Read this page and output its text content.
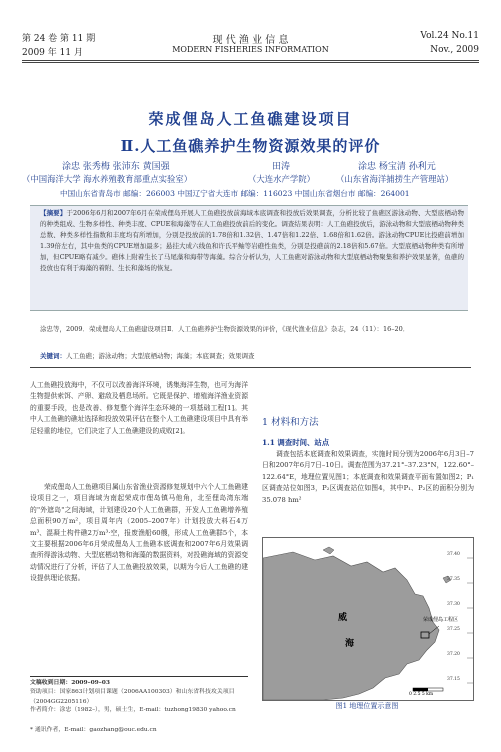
第 24 卷 第 11 期
2009 年 11 月
现 代 渔 业 信 息
MODERN FISHERIES INFORMATION
Vol.24 No.11
Nov., 2009
荣成俚岛人工鱼礁建设项目
Ⅱ.人工鱼礁养护生物资源效果的评价
涂忠 张秀梅 张沛东 黄国强	田涛	涂忠 杨宝清 孙利元
（中国海洋大学 海水养殖教育部重点实验室）	（大连水产学院）	（山东省海洋捕捞生产管理站）
中国山东省青岛市 邮编：266003 中国辽宁省大连市 邮编：116023 中国山东省烟台市 邮编：264001
【摘要】于2006年6月和2007年6月在荣成俚岛开展人工鱼礁投放前海域本底调查和投放后效果调查，分析比较了鱼礁区游泳动物、大型底栖动物的种类组成、生物多样性、种类丰度、CPUE和海藻等在人工鱼礁投放前后的变化。调查结果表明：人工鱼礁投放后，游泳动物和大型底栖动物种类总数、种类多样性指数和丰度均有所增加，分别是投放前的1.78倍和1.32倍、1.47倍和1.22倍、1.68倍和1.62倍。游泳动物CPUE比投礁前增加1.39倍左右，其中鱼类的CPUE增加最多；悬挂大成六线鱼和许氏平鲉等岩礁性鱼类，分别是投礁前的2.18倍和5.67倍。大型底栖动物种类有所增加，但CPUE略有减少。礁体上附着生长了马尾藻和海带等海藻。综合分析认为，人工鱼礁对游泳动物和大型底栖动物聚集和养护效果显著，鱼礁的投放也有利于海藻的着附、生长和藻场的恢复。
涂忠等，2009．荣成俚岛人工鱼礁建设项目Ⅱ．人工鱼礁养护生物资源效果的评价，《现代渔业信息》杂志，24（11）：16–20．
关键词：人工鱼礁；游泳动物；大型底栖动物；海藻；本底调查；效果调查
人工鱼礁投放海中，不仅可以改善海洋环境，诱集海洋生物，也可为海洋生物提供索饵、产卵、避敌及栖息场所。它既是保护、增殖海洋渔业资源的重要手段，也是改善、修复整个海洋生态环境的一项基础工程[1]。其中人工鱼礁的礁址选择和投放效果评估在整个人工鱼礁建设项目中具有举足轻重的地位，它们决定了人工鱼礁建设的成败[2]。
荣成俚岛人工鱼礁项目属山东省渔业资源修复规划中六个人工鱼礁建设项目之一，项目海域为南起荣成市俚岛镇马他角，北至俚岛湾东端的"外遮岛"之间海域，计划建设20个人工鱼礁群，开发人工鱼礁增养殖总面积90万m²，项目周年内（2005–2007年）计划投放大料石4万m³、混凝土构件礁2万m³·空，报废渔船60艘，形成人工鱼礁群5个，本文主要根据2006年6月荣成俚岛人工鱼礁本底调查和2007年6月效果调查所得游泳动物、大型底栖动物和海藻的数据资料，对投礁海域的资源变动情况进行了分析，评估了人工鱼礁投放效果，以期为今后人工鱼礁的建设提供理论依据。
文稿收到日期：2009–09–03
资助项目：国家863计划项目课题（2006AA100303）和山东省科技攻关项目（2004GG2205116）
作者简介：涂忠（1982–），男，硕士生，E-mail：tuzhong19830 yahoo.cn
* 通讯作者，E-mail：gaozhang@ouc.edu.cn
1 材料和方法
1.1 调查时间、站点
调查包括本底调查和效果调查，实施时间分别为2006年6月3日–7日和2007年6月7日–10日。调查范围为37.21°–37.23°N，122.60°–122.64°E，地理位置见图1；本底调查和效果调查平面布置如图2；P₁区调查站位如图3，P₂区调查站位如图4，其中P₁、P₂区的面积分别为35.078 hm²
威
海
荣成俚岛工程区
37.40
37.35
37.30
37.25
37.20
37.15
0 2.5 5 km
图1 地理位置示意图
